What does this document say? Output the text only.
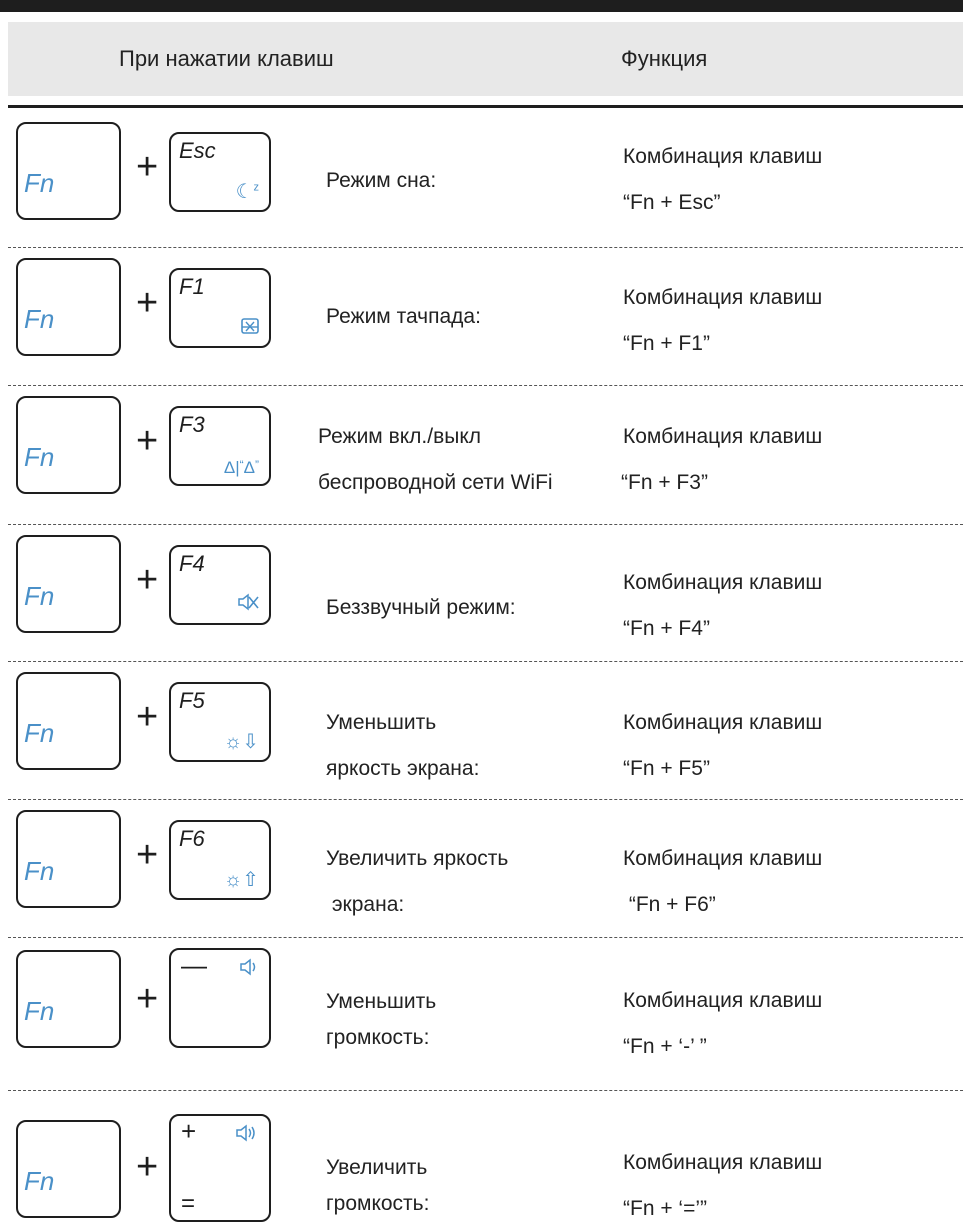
При нажатии клавиш	Функция
Fn + Esc
☾$^z$	Режим сна:
Комбинация клавиш
“Fn + Esc”
Fn + F1
Режим тачпада:
Комбинация клавиш
“Fn + F1”
Fn + F3
Δ|“Δ”
Режим вкл./выкл
беспроводной сети WiFi
Комбинация клавиш
“Fn + F3”
Fn + F4
Беззвучный режим:
Комбинация клавиш
“Fn + F4”
Fn + F5
☼⇩
Уменьшить
яркость экрана:
Комбинация клавиш
“Fn + F5”
Fn + F6
☼⇧
Увеличить яркость
экрана:
Комбинация клавиш
“Fn + F6”
Fn +
—
Уменьшить
громкость:
Комбинация клавиш
“Fn + ‘-’ ”
Fn +
+
=
Увеличить
громкость:
Комбинация клавиш
“Fn + ‘=’”
